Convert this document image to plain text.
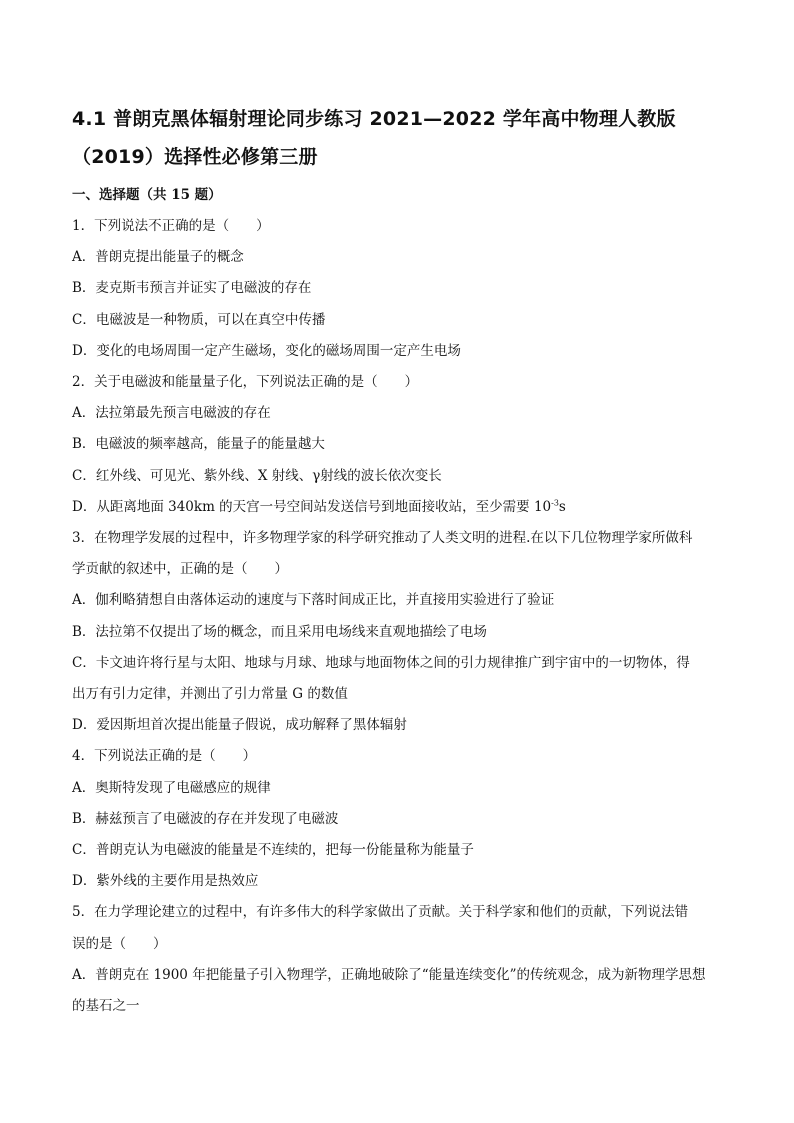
4.1 普朗克黑体辐射理论同步练习 2021—2022 学年高中物理人教版
（2019）选择性必修第三册

一、选择题（共 15 题）

1．下列说法不正确的是（　　）

A．普朗克提出能量子的概念

B．麦克斯韦预言并证实了电磁波的存在

C．电磁波是一种物质，可以在真空中传播

D．变化的电场周围一定产生磁场，变化的磁场周围一定产生电场

2．关于电磁波和能量量子化，下列说法正确的是（　　）

A．法拉第最先预言电磁波的存在

B．电磁波的频率越高，能量子的能量越大

C．红外线、可见光、紫外线、X 射线、γ射线的波长依次变长

D．从距离地面 340km 的天宫一号空间站发送信号到地面接收站，至少需要 $10^{-3}s$

3．在物理学发展的过程中，许多物理学家的科学研究推动了人类文明的进程.在以下几位物理学家所做科

学贡献的叙述中，正确的是（　　）

A．伽利略猜想自由落体运动的速度与下落时间成正比，并直接用实验进行了验证

B．法拉第不仅提出了场的概念，而且采用电场线来直观地描绘了电场

C．卡文迪许将行星与太阳、地球与月球、地球与地面物体之间的引力规律推广到宇宙中的一切物体，得

出万有引力定律，并测出了引力常量 G 的数值

D．爱因斯坦首次提出能量子假说，成功解释了黑体辐射

4．下列说法正确的是（　　）

A．奥斯特发现了电磁感应的规律

B．赫兹预言了电磁波的存在并发现了电磁波

C．普朗克认为电磁波的能量是不连续的，把每一份能量称为能量子

D．紫外线的主要作用是热效应

5．在力学理论建立的过程中，有许多伟大的科学家做出了贡献。关于科学家和他们的贡献，下列说法错

误的是（　　）

A．普朗克在 1900 年把能量子引入物理学，正确地破除了“能量连续变化”的传统观念，成为新物理学思想

的基石之一
